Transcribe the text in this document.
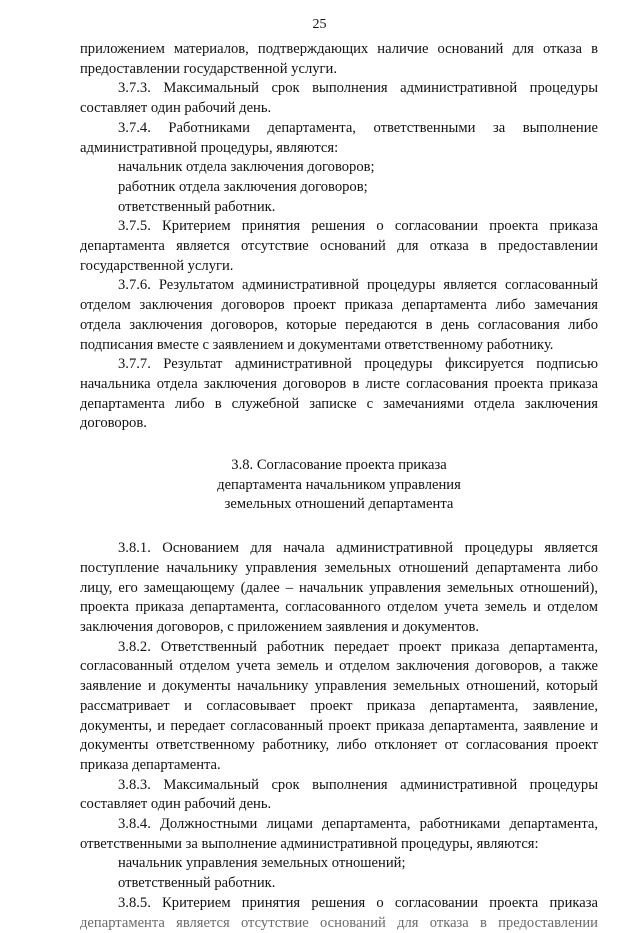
25

приложением материалов, подтверждающих наличие оснований для отказа в предоставлении государственной услуги.

3.7.3. Максимальный срок выполнения административной процедуры составляет один рабочий день.

3.7.4. Работниками департамента, ответственными за выполнение административной процедуры, являются:

начальник отдела заключения договоров;

работник отдела заключения договоров;

ответственный работник.

3.7.5. Критерием принятия решения о согласовании проекта приказа департамента является отсутствие оснований для отказа в предоставлении государственной услуги.

3.7.6. Результатом административной процедуры является согласованный отделом заключения договоров проект приказа департамента либо замечания отдела заключения договоров, которые передаются в день согласования либо подписания вместе с заявлением и документами ответственному работнику.

3.7.7. Результат административной процедуры фиксируется подписью начальника отдела заключения договоров в листе согласования проекта приказа департамента либо в служебной записке с замечаниями отдела заключения договоров.

3.8. Согласование проекта приказа
департамента начальником управления
земельных отношений департамента

3.8.1. Основанием для начала административной процедуры является поступление начальнику управления земельных отношений департамента либо лицу, его замещающему (далее – начальник управления земельных отношений), проекта приказа департамента, согласованного отделом учета земель и отделом заключения договоров, с приложением заявления и документов.

3.8.2. Ответственный работник передает проект приказа департамента, согласованный отделом учета земель и отделом заключения договоров, а также заявление и документы начальнику управления земельных отношений, который рассматривает и согласовывает проект приказа департамента, заявление, документы, и передает согласованный проект приказа департамента, заявление и документы ответственному работнику, либо отклоняет от согласования проект приказа департамента.

3.8.3. Максимальный срок выполнения административной процедуры составляет один рабочий день.

3.8.4. Должностными лицами департамента, работниками департамента, ответственными за выполнение административной процедуры, являются:

начальник управления земельных отношений;

ответственный работник.

3.8.5. Критерием принятия решения о согласовании проекта приказа

департамента является отсутствие оснований для отказа в предоставлении
